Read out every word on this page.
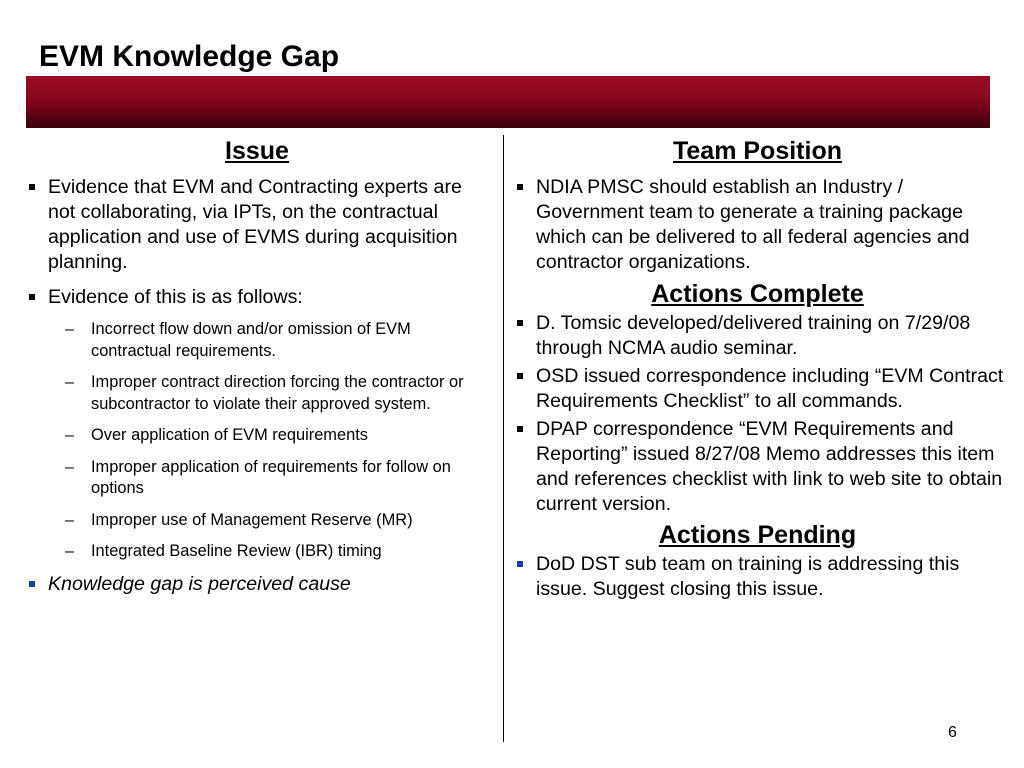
EVM Knowledge Gap
Issue
Evidence that EVM and Contracting experts are not collaborating, via IPTs, on the contractual application and use of EVMS during acquisition planning.
Evidence of this is as follows:
– Incorrect flow down and/or omission of EVM contractual requirements.
– Improper contract direction forcing the contractor or subcontractor to violate their approved system.
– Over application of EVM requirements
– Improper application of requirements for follow on options
– Improper use of Management Reserve (MR)
– Integrated Baseline Review (IBR) timing
Knowledge gap is perceived cause
Team Position
NDIA PMSC should establish an Industry / Government team to generate a training package which can be delivered to all federal agencies and contractor organizations.
Actions Complete
D. Tomsic developed/delivered training on 7/29/08 through NCMA audio seminar.
OSD issued correspondence including “EVM Contract Requirements Checklist” to all commands.
DPAP correspondence “EVM Requirements and Reporting” issued 8/27/08 Memo addresses this item and references checklist with link to web site to obtain current version.
Actions Pending
DoD DST sub team on training is addressing this issue. Suggest closing this issue.
6
